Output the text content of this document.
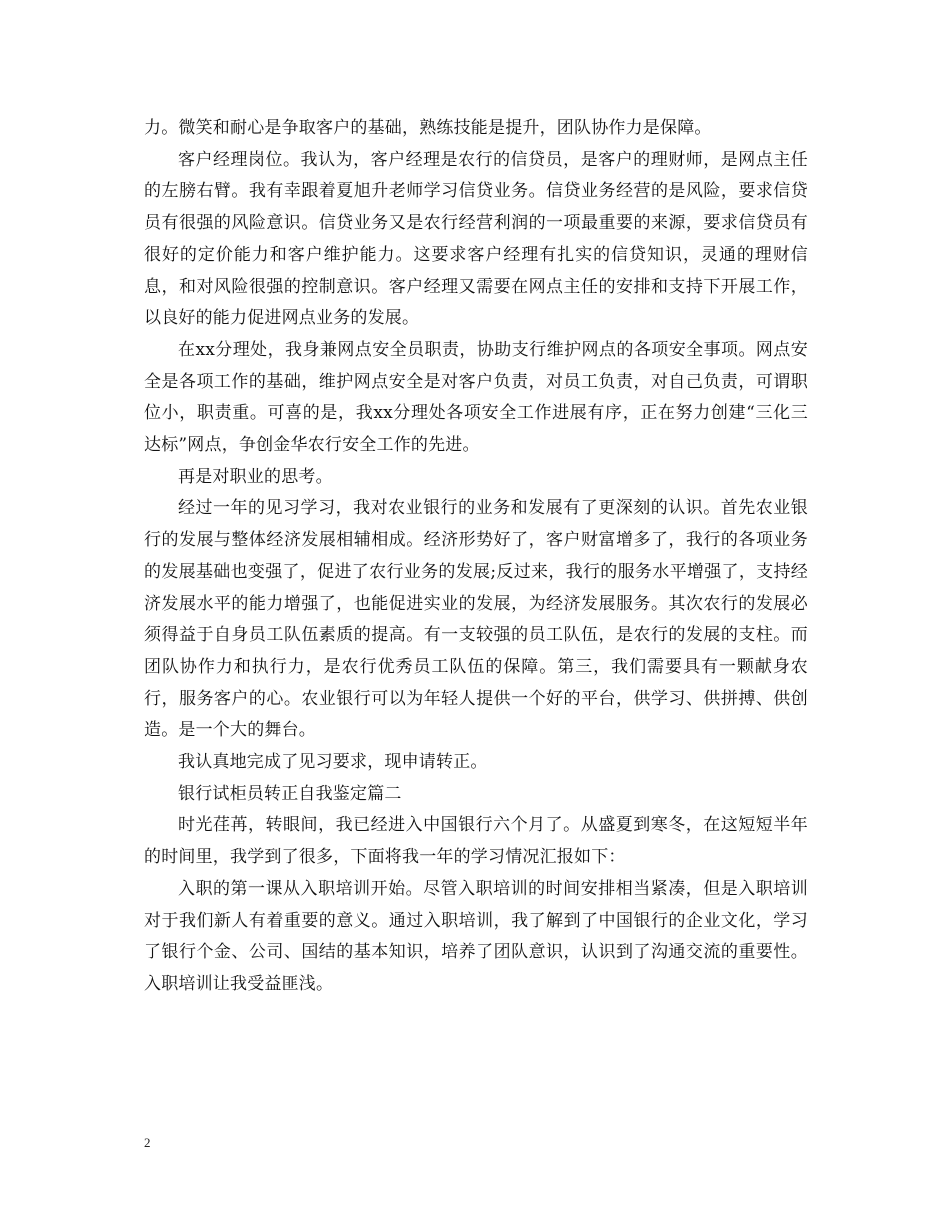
力。微笑和耐心是争取客户的基础，熟练技能是提升，团队协作力是保障。

客户经理岗位。我认为，客户经理是农行的信贷员，是客户的理财师，是网点主任的左膀右臂。我有幸跟着夏旭升老师学习信贷业务。信贷业务经营的是风险，要求信贷员有很强的风险意识。信贷业务又是农行经营利润的一项最重要的来源，要求信贷员有很好的定价能力和客户维护能力。这要求客户经理有扎实的信贷知识，灵通的理财信息，和对风险很强的控制意识。客户经理又需要在网点主任的安排和支持下开展工作，以良好的能力促进网点业务的发展。

在xx分理处，我身兼网点安全员职责，协助支行维护网点的各项安全事项。网点安全是各项工作的基础，维护网点安全是对客户负责，对员工负责，对自己负责，可谓职位小，职责重。可喜的是，我xx分理处各项安全工作进展有序，正在努力创建“三化三达标”网点，争创金华农行安全工作的先进。

再是对职业的思考。

经过一年的见习学习，我对农业银行的业务和发展有了更深刻的认识。首先农业银行的发展与整体经济发展相辅相成。经济形势好了，客户财富增多了，我行的各项业务的发展基础也变强了，促进了农行业务的发展;反过来，我行的服务水平增强了，支持经济发展水平的能力增强了，也能促进实业的发展，为经济发展服务。其次农行的发展必须得益于自身员工队伍素质的提高。有一支较强的员工队伍，是农行的发展的支柱。而团队协作力和执行力，是农行优秀员工队伍的保障。第三，我们需要具有一颗献身农行，服务客户的心。农业银行可以为年轻人提供一个好的平台，供学习、供拼搏、供创造。是一个大的舞台。

我认真地完成了见习要求，现申请转正。

银行试柜员转正自我鉴定篇二

时光荏苒，转眼间，我已经进入中国银行六个月了。从盛夏到寒冬，在这短短半年的时间里，我学到了很多，下面将我一年的学习情况汇报如下：

入职的第一课从入职培训开始。尽管入职培训的时间安排相当紧凑，但是入职培训对于我们新人有着重要的意义。通过入职培训，我了解到了中国银行的企业文化，学习了银行个金、公司、国结的基本知识，培养了团队意识，认识到了沟通交流的重要性。入职培训让我受益匪浅。

2
